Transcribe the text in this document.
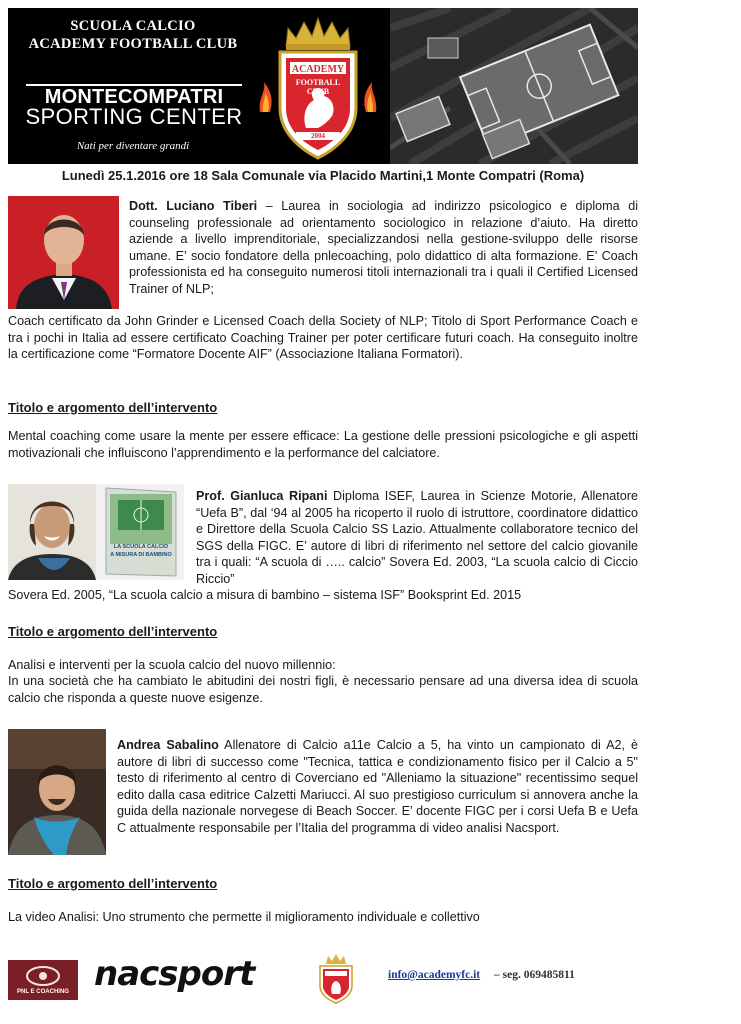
SCUOLA CALCIO
ACADEMY FOOTBALL CLUB
MONTECOMPATRI
SPORTING CENTER
Nati per diventare grandi
ACADEMY
FOOTBALL CLUB
2004
Lunedì 25.1.2016 ore 18 Sala Comunale via Placido Martini,1 Monte Compatri (Roma)
Dott. Luciano Tiberi – Laurea in sociologia ad indirizzo psicologico e diploma di counseling professionale ad orientamento sociologico in relazione d’aiuto. Ha diretto aziende a livello imprenditoriale, specializzandosi nella gestione-sviluppo delle risorse umane. E’ socio fondatore della pnlecoaching, polo didattico di alta formazione. E’ Coach professionista ed ha conseguito numerosi titoli internazionali tra i quali il Certified Licensed Trainer of NLP;
Coach certificato da John Grinder e Licensed Coach della Society of NLP; Titolo di Sport Performance Coach e tra i pochi in Italia ad essere certificato Coaching Trainer per poter certificare futuri coach. Ha conseguito inoltre la certificazione come “Formatore Docente AIF” (Associazione Italiana Formatori).
Titolo e argomento dell’intervento
Mental coaching come usare la mente per essere efficace: La gestione delle pressioni psicologiche e gli aspetti motivazionali che influiscono l’apprendimento e la performance del calciatore.
LA SCUOLA CALCIO
A MISURA DI BAMBINO
Prof. Gianluca Ripani Diploma ISEF, Laurea in Scienze Motorie, Allenatore “Uefa B”, dal ‘94 al 2005 ha ricoperto il ruolo di istruttore, coordinatore didattico e Direttore della Scuola Calcio SS Lazio. Attualmente collaboratore tecnico del SGS della FIGC. E’ autore di libri di riferimento nel settore del calcio giovanile tra i quali: “A scuola di ….. calcio” Sovera Ed. 2003, “La scuola calcio di Ciccio Riccio”
Sovera Ed. 2005, “La scuola calcio a misura di bambino – sistema ISF” Booksprint Ed. 2015
Titolo e argomento dell’intervento
Analisi e interventi per la scuola calcio del nuovo millennio:
In una società che ha cambiato le abitudini dei nostri figli, è necessario pensare ad una diversa idea di scuola calcio che risponda a queste nuove esigenze.
Andrea Sabalino Allenatore di Calcio a11e Calcio a 5, ha vinto un campionato di A2, è autore di libri di successo come "Tecnica, tattica e condizionamento fisico per il Calcio a 5" testo di riferimento al centro di Coverciano ed "Alleniamo la situazione" recentissimo sequel edito dalla casa editrice Calzetti Mariucci. Al suo prestigioso curriculum si annovera anche la guida della nazionale norvegese di Beach Soccer. E’ docente FIGC per i corsi Uefa B e Uefa C attualmente responsabile per l’Italia del programma di video analisi Nacsport.
Titolo e argomento dell’intervento
La video Analisi: Uno strumento che permette il miglioramento individuale e collettivo
PNL E COACHING nacsport	info@academyfc.it – seg. 069485811
